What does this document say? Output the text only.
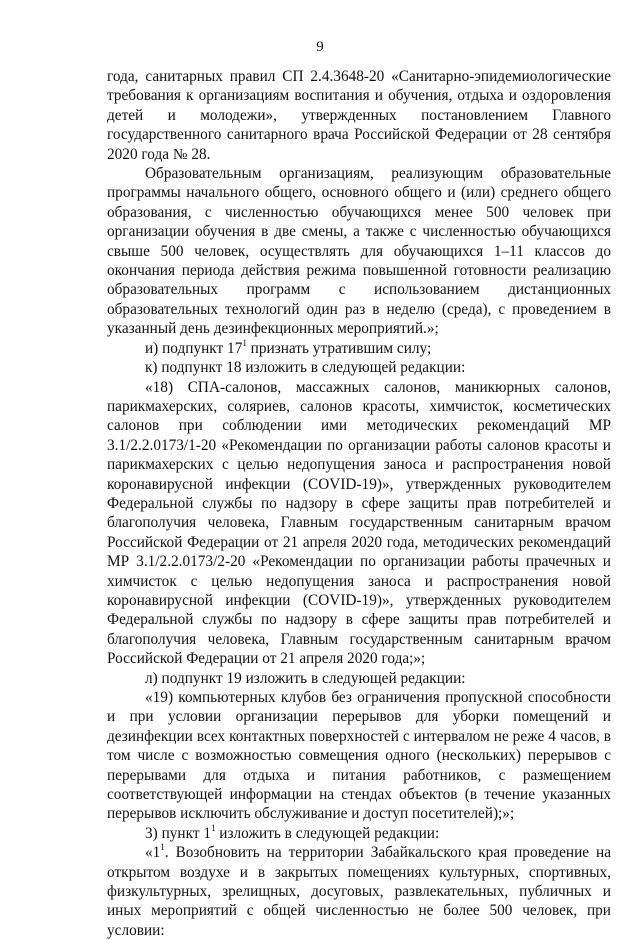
9

года, санитарных правил СП 2.4.3648-20 «Санитарно-эпидемиологические требования к организациям воспитания и обучения, отдыха и оздоровления детей и молодежи», утвержденных постановлением Главного государственного санитарного врача Российской Федерации от 28 сентября 2020 года № 28.

Образовательным организациям, реализующим образовательные программы начального общего, основного общего и (или) среднего общего образования, с численностью обучающихся менее 500 человек при организации обучения в две смены, а также с численностью обучающихся свыше 500 человек, осуществлять для обучающихся 1–11 классов до окончания периода действия режима повышенной готовности реализацию образовательных программ с использованием дистанционных образовательных технологий один раз в неделю (среда), с проведением в указанный день дезинфекционных мероприятий.»;

и) подпункт $17^1$ признать утратившим силу;

к) подпункт 18 изложить в следующей редакции:

«18) СПА-салонов, массажных салонов, маникюрных салонов, парикмахерских, соляриев, салонов красоты, химчисток, косметических салонов при соблюдении ими методических рекомендаций МР 3.1/2.2.0173/1-20 «Рекомендации по организации работы салонов красоты и парикмахерских с целью недопущения заноса и распространения новой коронавирусной инфекции (COVID-19)», утвержденных руководителем Федеральной службы по надзору в сфере защиты прав потребителей и благополучия человека, Главным государственным санитарным врачом Российской Федерации от 21 апреля 2020 года, методических рекомендаций МР 3.1/2.2.0173/2-20 «Рекомендации по организации работы прачечных и химчисток с целью недопущения заноса и распространения новой коронавирусной инфекции (COVID-19)», утвержденных руководителем Федеральной службы по надзору в сфере защиты прав потребителей и благополучия человека, Главным государственным санитарным врачом Российской Федерации от 21 апреля 2020 года;»;

л) подпункт 19 изложить в следующей редакции:

«19) компьютерных клубов без ограничения пропускной способности и при условии организации перерывов для уборки помещений и дезинфекции всех контактных поверхностей с интервалом не реже 4 часов, в том числе с возможностью совмещения одного (нескольких) перерывов с перерывами для отдыха и питания работников, с размещением соответствующей информации на стендах объектов (в течение указанных перерывов исключить обслуживание и доступ посетителей);»;

3) пункт $1^1$ изложить в следующей редакции:

«$1^1$. Возобновить на территории Забайкальского края проведение на открытом воздухе и в закрытых помещениях культурных, спортивных, физкультурных, зрелищных, досуговых, развлекательных, публичных и иных мероприятий с общей численностью не более 500 человек, при условии:
